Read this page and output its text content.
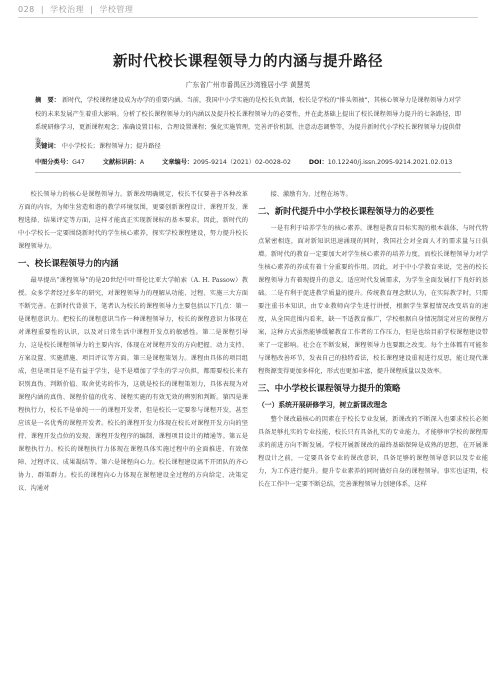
028 | 学校治理 | 学校管理
新时代校长课程领导力的内涵与提升路径
广东省广州市番禺区沙湾雅居小学 黄慧英
摘　要： 新时代，学校课程建设成为办学的重要内涵。当前，我国中小学实施的是校长负责制，校长是学校的“排头领袖”，其核心领导力是课程领导力对学校的未来发展产生着重大影响。分析了校长课程领导力的内涵以及提升校长课程领导力的必要性，并在此基础上提出了校长课程领导力提升的七条路径，即系统研修学习，更新课程观念；准确设置目标，合理设置课程；强化实施管理，完善评价机制，注意动态调整等，为提升新时代小学校长课程领导力提供借鉴。
关键词： 中小学校长；课程领导力；提升路径
中图分类号：G47	文献标识码：A	文章编号：2095-9214（2021）02-0028-02	DOI：10.12240/j.issn.2095-9214.2021.02.013

校长领导力的核心是课程领导力。新课改明确规定，校长不仅要善于各种改革方面的内容，为师生营造和谐的教学环境氛围，更要创新课程设计、课程开发、课程选择、结果评定等方面，这样才能真正实现新课标的基本要求。因此，新时代的中小学校长一定要围绕新时代的学生核心素养，探实学校课程建设，努力提升校长课程领导力。

一、校长课程领导力的内涵

最早提出“课程领导”的是20世纪中叶哥伦比亚大学帕索（A. H. Passow）教授。众多学者经过多年的研究，对课程领导力的理解从功能、过程、实施三大方面不断完善。在新时代背景下，笔者认为校长的课程领导力主要包括以下几点：第一是课程意识力。把校长的课程意识当作一种课程领导力，校长的课程意识力体现在对课程重要性的认识，以及对日常生活中课程开发点的敏感性。第二是课程引导力，这是校长课程领导力的主要内容，体现在对课程开发的方向把握、动力支持、方案设置、实施措施、项目评议等方面。第三是课程策划力。课程由具体的项目组成，但是项目是不是有益于学生，是不是增加了学生的学习负担，都需要校长来有识别真伪、判断价值、取舍优劣的作为，这就是校长的课程策划力，具体表现为对课程内涵的真伪、课程价值的优劣、课程实施的有效无效的辨别和判断。第四是课程执行力，校长不是单纯一一的课程开发者，但是校长一定要参与课程开发，甚至应该是一名优秀的课程开发者。校长的课程开发力体现在校长对课程开发方向的坚持、课程开发点位的发现、课程开发程序的编制、课程项目设计的精通等。第五是课程执行力。校长的课程执行力体现在课程具体实施过程中的全面推进、有效保障、过程评议、成果凝结等。第六是课程向心力。校长课程建设离不开团队的齐心协力、群策群力。校长的课程向心力体现在课程建设全过程的方向给定、决策定议、沟通对

接、激励有为、过程在场等。

二、新时代提升中小学校长课程领导力的必要性

一是有利于培养学生的核心素养。课程是教育目标实现的根本载体，与时代特点紧密相连，面对新知识迅速涌现的同时，我国社会对全面人才的需求量与日俱增。新时代的教育一定要加大对学生核心素养的培养力度，而校长课程领导力对学生核心素养的养成有着十分重要的作用。因此，对于中小学教育来说，完善的校长课程领导力有着现提升的意义。适应时代发展需求，为学生全面发展打下良好的基础。二是有利于促进教学质量的提升。传统教育理念默认为，在实际教学时，只需要注重书本知识，由专业教师向学生进行讲授，根据学生掌握情况改变培育的速度，从全国范围内看来，缺一不适教育推广，学校根据自身情况制定对应的课程方案，这种方式虽然能够缓解教育工作者的工作压力，但是也给目前学校课程建设带来了一定影响。社会在不断发展，课程领导力也要跟之改变。每个主体都有可能参与课程改善环节，发表自己的独特看法，校长课程建设重视进行反思，能让现代课程资源变得更加多样化，形式也更加丰富，提升课程质量以及效率。

三、中小学校长课程领导力提升的策略
（一）系统开展研修学习，树立新课改理念

整个课改最核心的因素在于校长专业发展，新课改的不断深入也要求校长必须具备足够扎实的专业技能，校长只有具备扎实的专业能力，才能够审学校的课程需求的前进方向不断发展。学校开展新课改的最终基础保障是成熟的思想，在开展课程设计之前，一定要具备专业的课改意识，具备足够的课程领导意识以及专业能力，为工作进行提升。提升专业素养的同时做好自身的课程领导。事实也证明，校长在工作中一定要不断总结，完善课程领导力创建体系，这样
